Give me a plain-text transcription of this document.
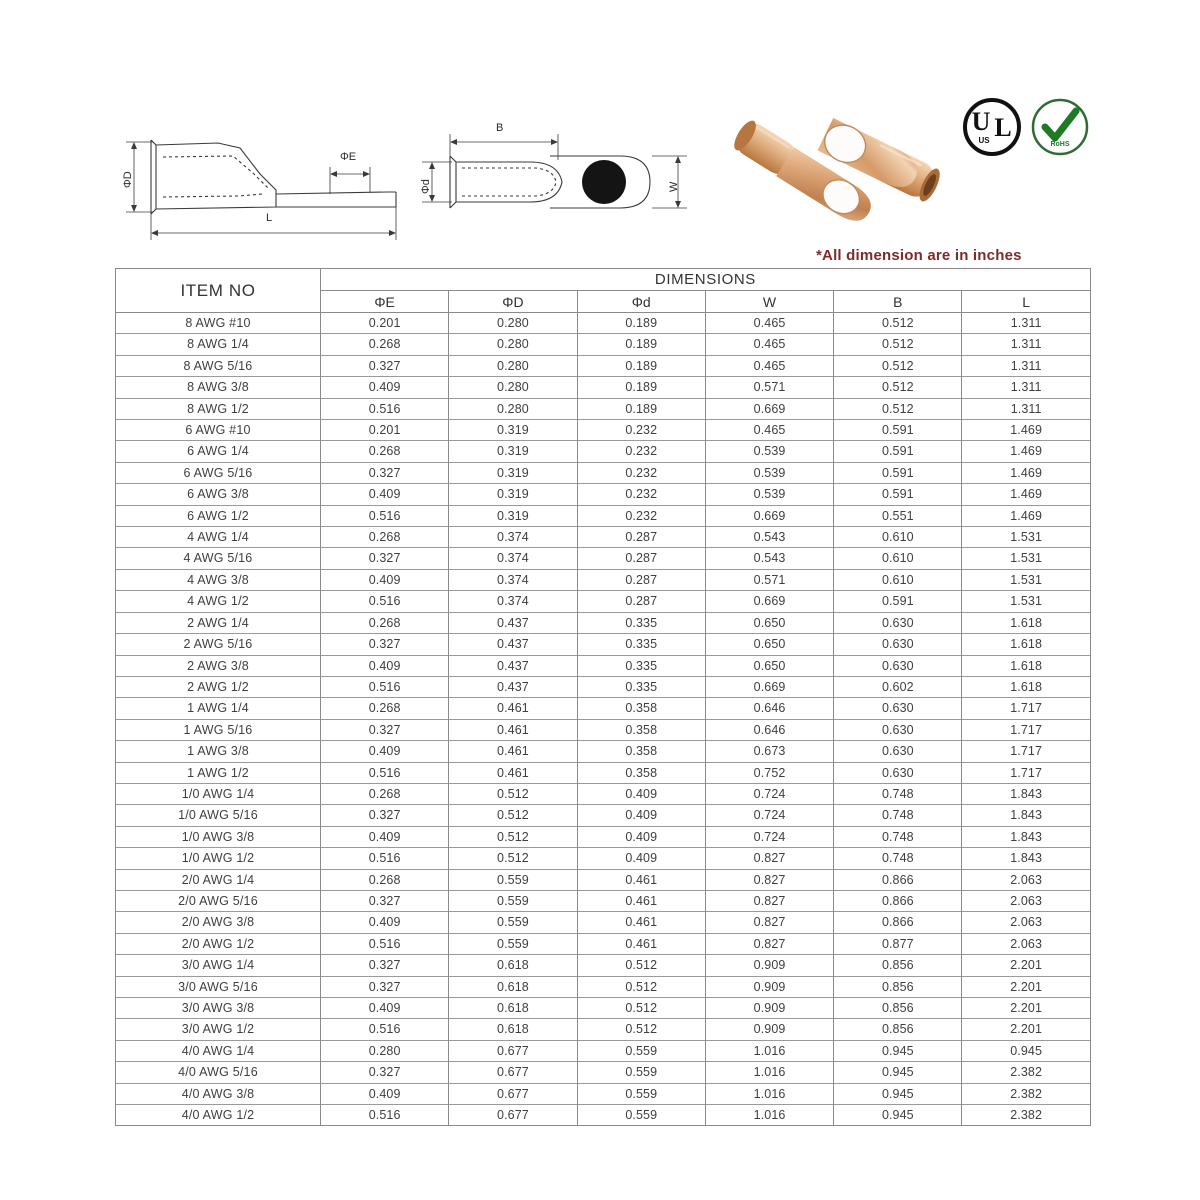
ΦD
L
ΦE
B
Φd	W
U L
US	RoHS
*All dimension are in inches
ITEM NO	DIMENSIONS					
	ΦE	ΦD	Φd	W	B	L
8 AWG #10	0.201	0.280	0.189	0.465	0.512	1.311
8 AWG 1/4	0.268	0.280	0.189	0.465	0.512	1.311
8 AWG 5/16	0.327	0.280	0.189	0.465	0.512	1.311
8 AWG 3/8	0.409	0.280	0.189	0.571	0.512	1.311
8 AWG 1/2	0.516	0.280	0.189	0.669	0.512	1.311
6 AWG #10	0.201	0.319	0.232	0.465	0.591	1.469
6 AWG 1/4	0.268	0.319	0.232	0.539	0.591	1.469
6 AWG 5/16	0.327	0.319	0.232	0.539	0.591	1.469
6 AWG 3/8	0.409	0.319	0.232	0.539	0.591	1.469
6 AWG 1/2	0.516	0.319	0.232	0.669	0.551	1.469
4 AWG 1/4	0.268	0.374	0.287	0.543	0.610	1.531
4 AWG 5/16	0.327	0.374	0.287	0.543	0.610	1.531
4 AWG 3/8	0.409	0.374	0.287	0.571	0.610	1.531
4 AWG 1/2	0.516	0.374	0.287	0.669	0.591	1.531
2 AWG 1/4	0.268	0.437	0.335	0.650	0.630	1.618
2 AWG 5/16	0.327	0.437	0.335	0.650	0.630	1.618
2 AWG 3/8	0.409	0.437	0.335	0.650	0.630	1.618
2 AWG 1/2	0.516	0.437	0.335	0.669	0.602	1.618
1 AWG 1/4	0.268	0.461	0.358	0.646	0.630	1.717
1 AWG 5/16	0.327	0.461	0.358	0.646	0.630	1.717
1 AWG 3/8	0.409	0.461	0.358	0.673	0.630	1.717
1 AWG 1/2	0.516	0.461	0.358	0.752	0.630	1.717
1/0 AWG 1/4	0.268	0.512	0.409	0.724	0.748	1.843
1/0 AWG 5/16	0.327	0.512	0.409	0.724	0.748	1.843
1/0 AWG 3/8	0.409	0.512	0.409	0.724	0.748	1.843
1/0 AWG 1/2	0.516	0.512	0.409	0.827	0.748	1.843
2/0 AWG 1/4	0.268	0.559	0.461	0.827	0.866	2.063
2/0 AWG 5/16	0.327	0.559	0.461	0.827	0.866	2.063
2/0 AWG 3/8	0.409	0.559	0.461	0.827	0.866	2.063
2/0 AWG 1/2	0.516	0.559	0.461	0.827	0.877	2.063
3/0 AWG 1/4	0.327	0.618	0.512	0.909	0.856	2.201
3/0 AWG 5/16	0.327	0.618	0.512	0.909	0.856	2.201
3/0 AWG 3/8	0.409	0.618	0.512	0.909	0.856	2.201
3/0 AWG 1/2	0.516	0.618	0.512	0.909	0.856	2.201
4/0 AWG 1/4	0.280	0.677	0.559	1.016	0.945	0.945
4/0 AWG 5/16	0.327	0.677	0.559	1.016	0.945	2.382
4/0 AWG 3/8	0.409	0.677	0.559	1.016	0.945	2.382
4/0 AWG 1/2	0.516	0.677	0.559	1.016	0.945	2.382
